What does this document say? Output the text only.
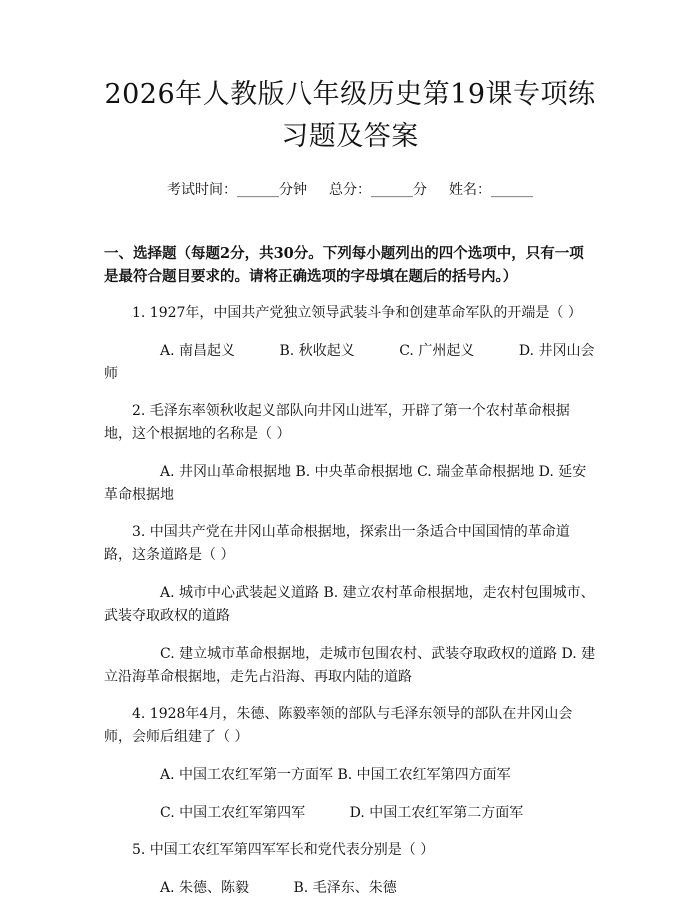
2026年人教版八年级历史第19课专项练习题及答案
考试时间：______分钟 总分：______分 姓名：______
一、选择题（每题2分，共30分。下列每小题列出的四个选项中，只有一项是最符合题目要求的。请将正确选项的字母填在题后的括号内。）
1. 1927年，中国共产党独立领导武装斗争和创建革命军队的开端是（ ）
A. 南昌起义          B. 秋收起义          C. 广州起义          D. 井冈山会师
2. 毛泽东率领秋收起义部队向井冈山进军，开辟了第一个农村革命根据地，这个根据地的名称是（ ）
A. 井冈山革命根据地 B. 中央革命根据地 C. 瑞金革命根据地 D. 延安革命根据地
3. 中国共产党在井冈山革命根据地，探索出一条适合中国国情的革命道路，这条道路是（ ）
A. 城市中心武装起义道路 B. 建立农村革命根据地，走农村包围城市、武装夺取政权的道路
C. 建立城市革命根据地，走城市包围农村、武装夺取政权的道路 D. 建立沿海革命根据地，走先占沿海、再取内陆的道路
4. 1928年4月，朱德、陈毅率领的部队与毛泽东领导的部队在井冈山会师，会师后组建了（ ）
A. 中国工农红军第一方面军 B. 中国工农红军第四方面军
C. 中国工农红军第四军          D. 中国工农红军第二方面军
5. 中国工农红军第四军军长和党代表分别是（ ）
A. 朱德、陈毅          B. 毛泽东、朱德
